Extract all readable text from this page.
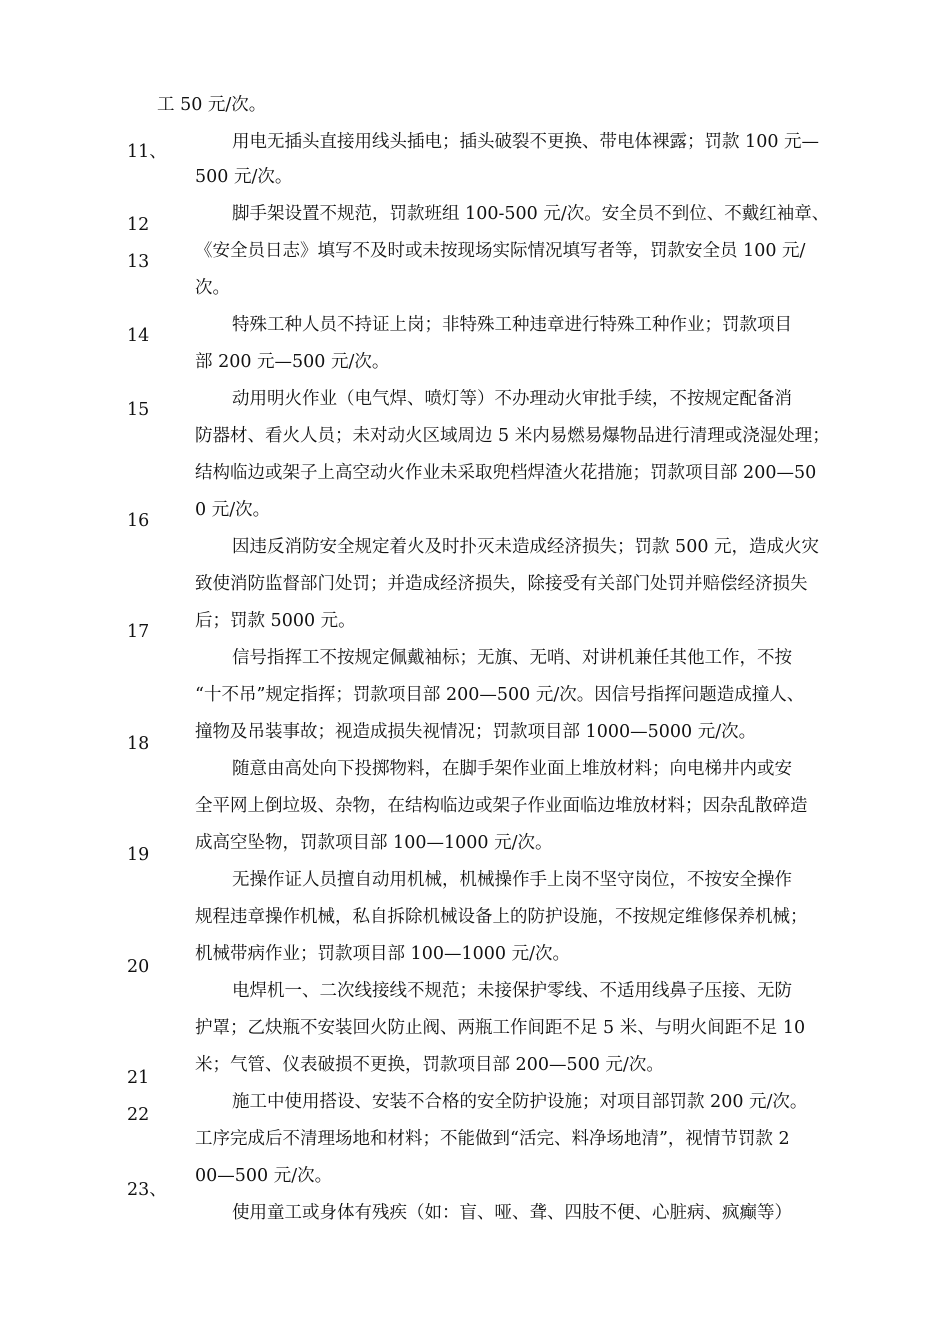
工 50 元/次。
用电无插头直接用线头插电；插头破裂不更换、带电体裸露；罚款 100 元—
500 元/次。
脚手架设置不规范，罚款班组 100-500 元/次。安全员不到位、不戴红袖章、
《安全员日志》填写不及时或未按现场实际情况填写者等，罚款安全员 100 元/
次。
特殊工种人员不持证上岗；非特殊工种违章进行特殊工种作业；罚款项目
部 200 元—500 元/次。
动用明火作业（电气焊、喷灯等）不办理动火审批手续，不按规定配备消
防器材、看火人员；未对动火区域周边 5 米内易燃易爆物品进行清理或浇湿处理；
结构临边或架子上高空动火作业未采取兜档焊渣火花措施；罚款项目部 200—50
0 元/次。
因违反消防安全规定着火及时扑灭未造成经济损失；罚款 500 元，造成火灾
致使消防监督部门处罚；并造成经济损失，除接受有关部门处罚并赔偿经济损失
后；罚款 5000 元。
信号指挥工不按规定佩戴袖标；无旗、无哨、对讲机兼任其他工作，不按
“十不吊”规定指挥；罚款项目部 200—500 元/次。因信号指挥问题造成撞人、
撞物及吊装事故；视造成损失视情况；罚款项目部 1000—5000 元/次。
随意由高处向下投掷物料，在脚手架作业面上堆放材料；向电梯井内或安
全平网上倒垃圾、杂物，在结构临边或架子作业面临边堆放材料；因杂乱散碎造
成高空坠物，罚款项目部 100—1000 元/次。
无操作证人员擅自动用机械，机械操作手上岗不坚守岗位，不按安全操作
规程违章操作机械，私自拆除机械设备上的防护设施，不按规定维修保养机械；
机械带病作业；罚款项目部 100—1000 元/次。
电焊机一、二次线接线不规范；未接保护零线、不适用线鼻子压接、无防
护罩；乙炔瓶不安装回火防止阀、两瓶工作间距不足 5 米、与明火间距不足 10
米；气管、仪表破损不更换，罚款项目部 200—500 元/次。
施工中使用搭设、安装不合格的安全防护设施；对项目部罚款 200 元/次。
工序完成后不清理场地和材料；不能做到“活完、料净场地清”，视情节罚款 2
00—500 元/次。
使用童工或身体有残疾（如：盲、哑、聋、四肢不便、心脏病、疯癫等）
11、
12
13
14
15
16
17
18
19
20
21
22
23、
